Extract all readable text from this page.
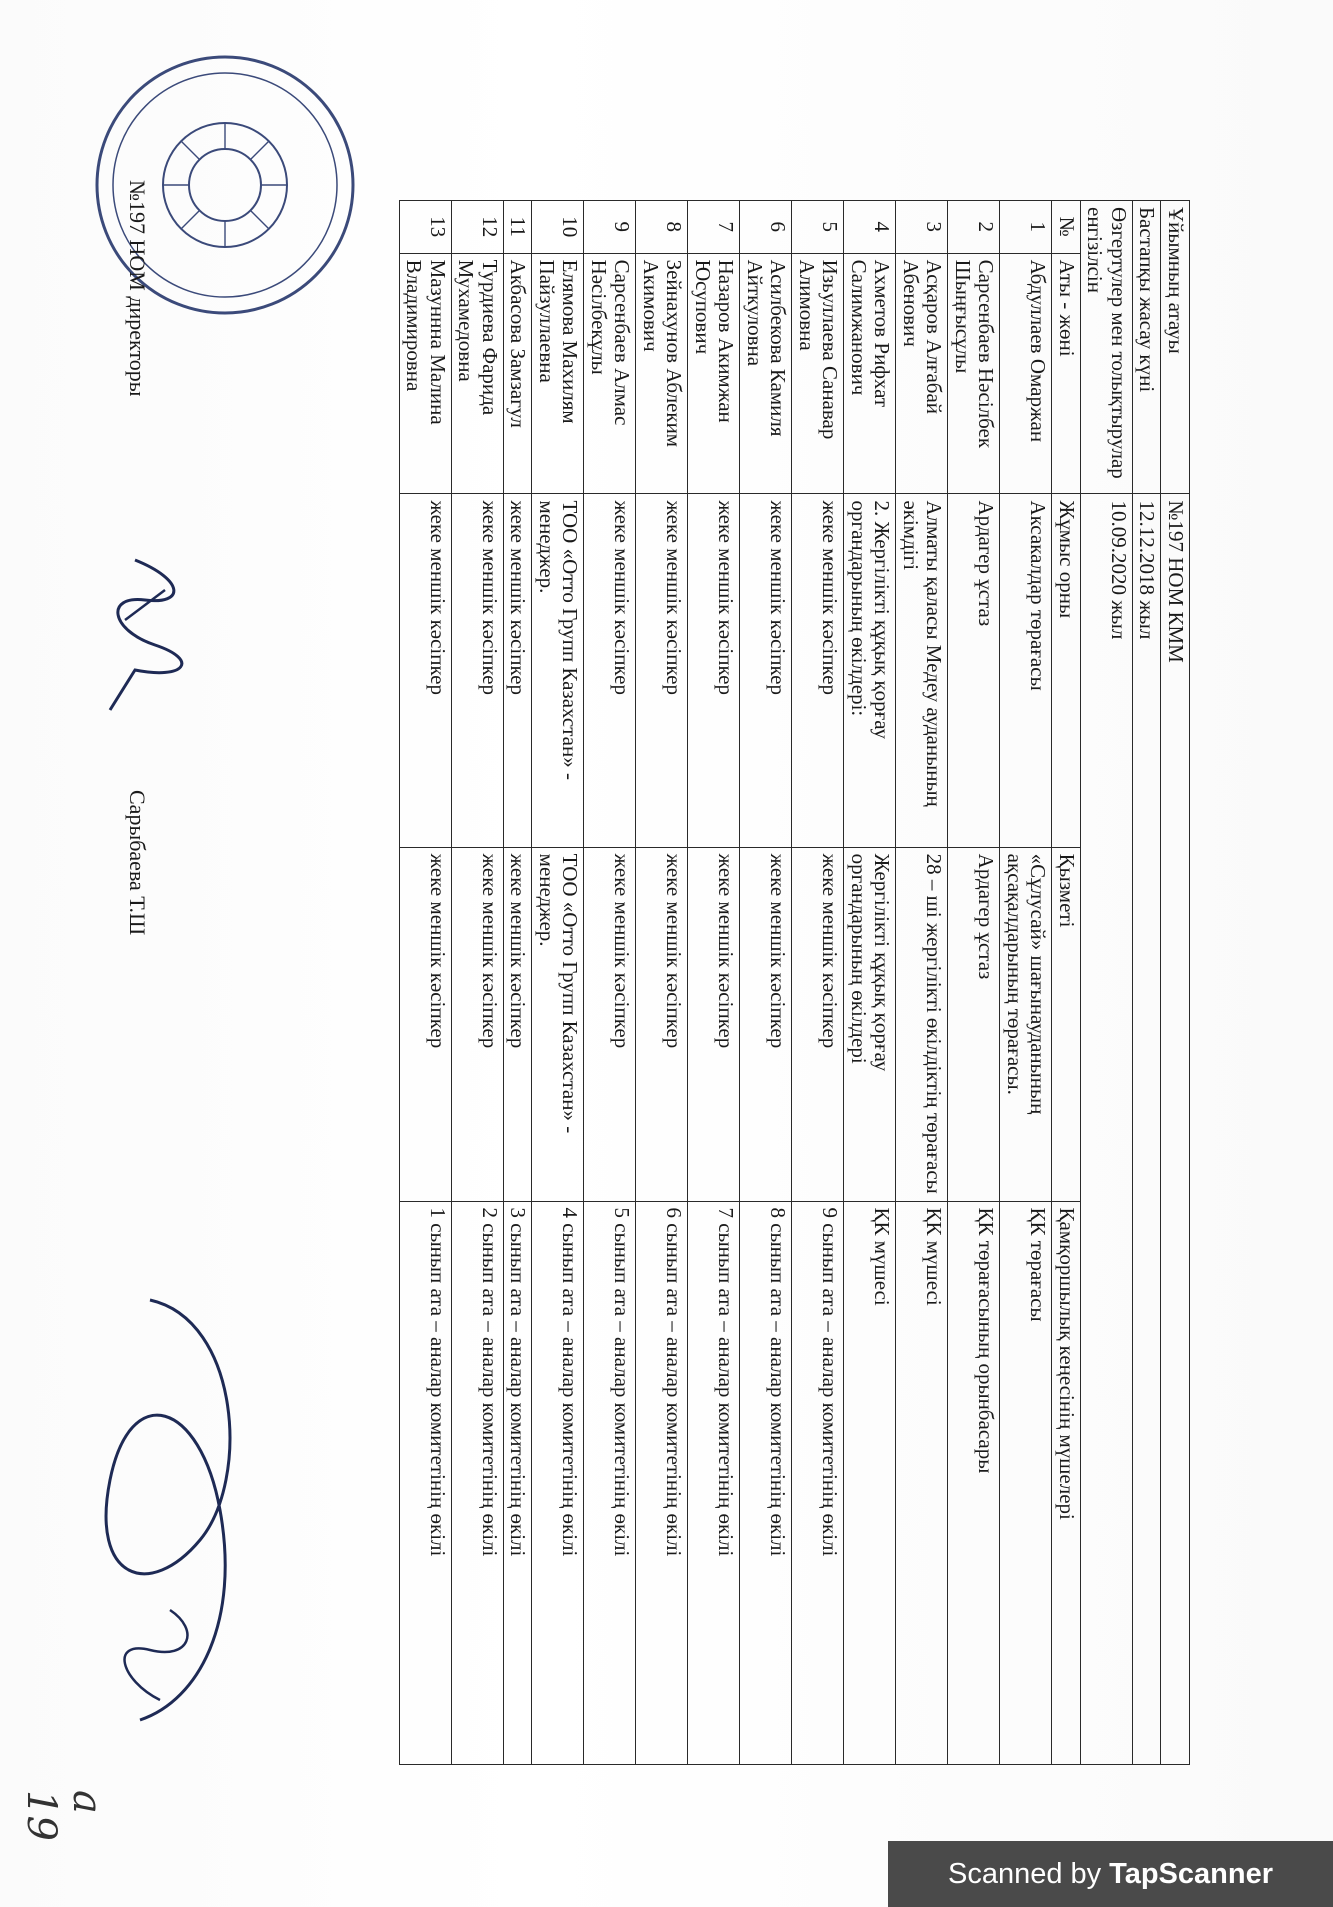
Ұйымның атауы		№197 НОМ КММ		
Бастапқы жасау күні		12.12.2018 жыл		
Өзгертулер мен толықтырулар енгізілсін		10.09.2020 жыл		
№	Аты - жөні	Жұмыс орны	Қызметі	Қамқоршылық кеңесінің мүшелері
1	Абдуллаев Омаржан	Аксакалдар төрағасы	«Сұлусай» шағынауданының ақсақалдарының төрағасы.	ҚК төрағасы
2	Сарсенбаев Нәсілбек Шыңғысұлы	Ардагер ұстаз	Ардагер ұстаз	ҚК төрағасының орынбасары
3	Асқаров Алғабай Абенович	Алматы қаласы Медеу ауданының әкімдігі	28 – ші жергілікті өкілдіктің төрағасы	ҚК мүшесі
4	Ахметов Рифхат Салимжанович	2. Жергілікті құқық қорғау органдарының өкілдері:	Жергілікті құқық қорғау органдарының өкілдері	ҚК мүшесі
5	Изьуллаева Санавар Алимовна	жеке меншік кәсіпкер	жеке меншік кәсіпкер	9 сынып ата – аналар комитетінің өкілі
6	Асилбекова Камиля Айткуловна	жеке меншік кәсіпкер	жеке меншік кәсіпкер	8 сынып ата – аналар комитетінің өкілі
7	Назаров Акимжан Юсупович	жеке меншік кәсіпкер	жеке меншік кәсіпкер	7 сынып ата – аналар комитетінің өкілі
8	Зейнахунов Аблеким Акимович	жеке меншік кәсіпкер	жеке меншік кәсіпкер	6 сынып ата – аналар комитетінің өкілі
9	Сарсенбаев Алмас Нәсілбекұлы	жеке меншік кәсіпкер	жеке меншік кәсіпкер	5 сынып ата – аналар комитетінің өкілі
10	Елямова Махилям Пайзуллаевна	ТОО «Отто Групп Казахстан» - менеджер.	ТОО «Отто Групп Казахстан» - менеджер.	4 сынып ата – аналар комитетінің өкілі
11	Акбасова Замзагул	жеке меншік кәсіпкер	жеке меншік кәсіпкер	3 сынып ата – аналар комитетінің өкілі
12	Турдиева Фарида Мухамедовна	жеке меншік кәсіпкер	жеке меншік кәсіпкер	2 сынып ата – аналар комитетінің өкілі
13	Мазуннна Малина Владимировна	жеке меншік кәсіпкер	жеке меншік кәсіпкер	1 сынып ата – аналар комитетінің өкілі
№197 НОМ директоры
Сарыбаева Т.Ш
а 19
Scanned by TapScanner
